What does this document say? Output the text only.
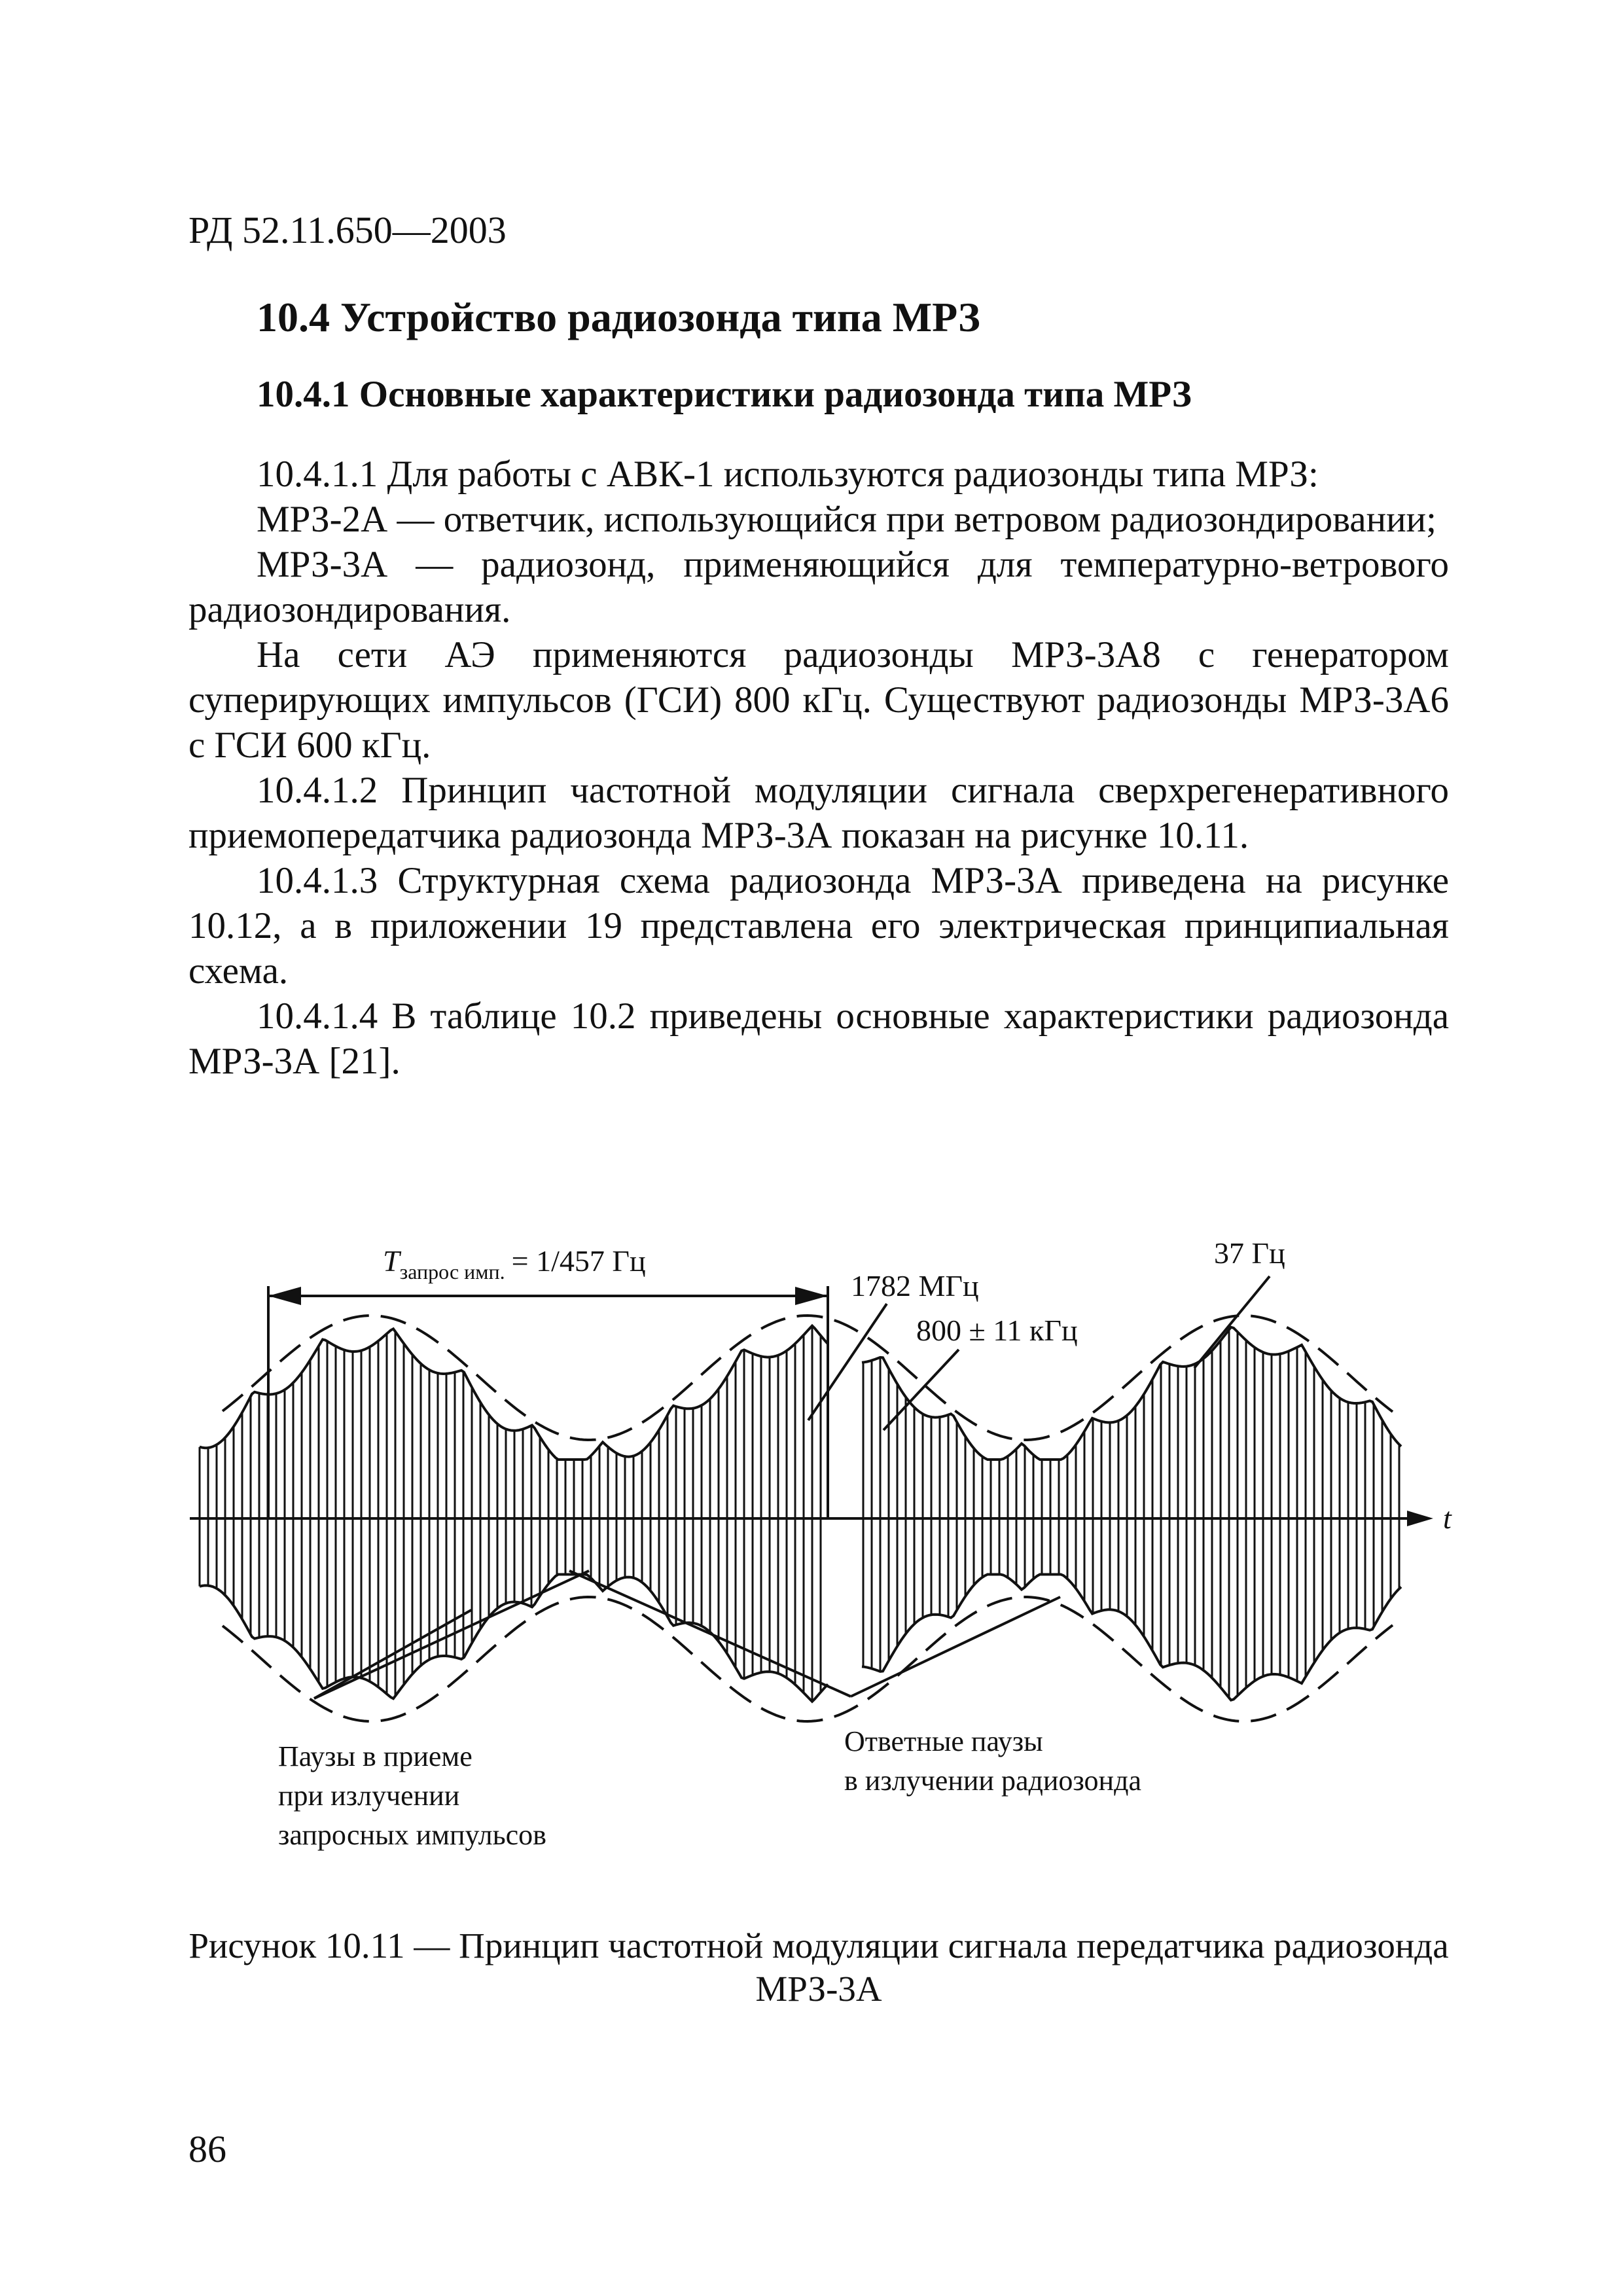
РД 52.11.650—2003
10.4 Устройство радиозонда типа МРЗ
10.4.1 Основные характеристики радиозонда типа МРЗ

10.4.1.1 Для работы с АВК-1 используются радиозонды типа МРЗ:

МРЗ-2А — ответчик, использующийся при ветровом радиозондировании;

МРЗ-3А — радиозонд, применяющийся для температурно-ветрового радиозондирования.

На сети АЭ применяются радиозонды МРЗ-3А8 с генератором суперирующих импульсов (ГСИ) 800 кГц. Существуют радиозонды МРЗ-3А6 с ГСИ 600 кГц.

10.4.1.2 Принцип частотной модуляции сигнала сверхрегенеративного приемопередатчика радиозонда МРЗ-3А показан на рисунке 10.11.

10.4.1.3 Структурная схема радиозонда МРЗ-3А приведена на рисунке 10.12, а в приложении 19 представлена его электрическая принципиальная схема.

10.4.1.4 В таблице 10.2 приведены основные характеристики радиозонда МРЗ-3А [21].

t
$T_{запрос имп.} = 1/457$ Гц	37 Гц
1782 МГц
800 ± 11 кГц
Паузы в приеме
при излучении
запросных импульсов
Ответные паузы
в излучении радиозонда
Рисунок 10.11 — Принцип частотной модуляции сигнала передатчика радиозонда МРЗ-3А
86
